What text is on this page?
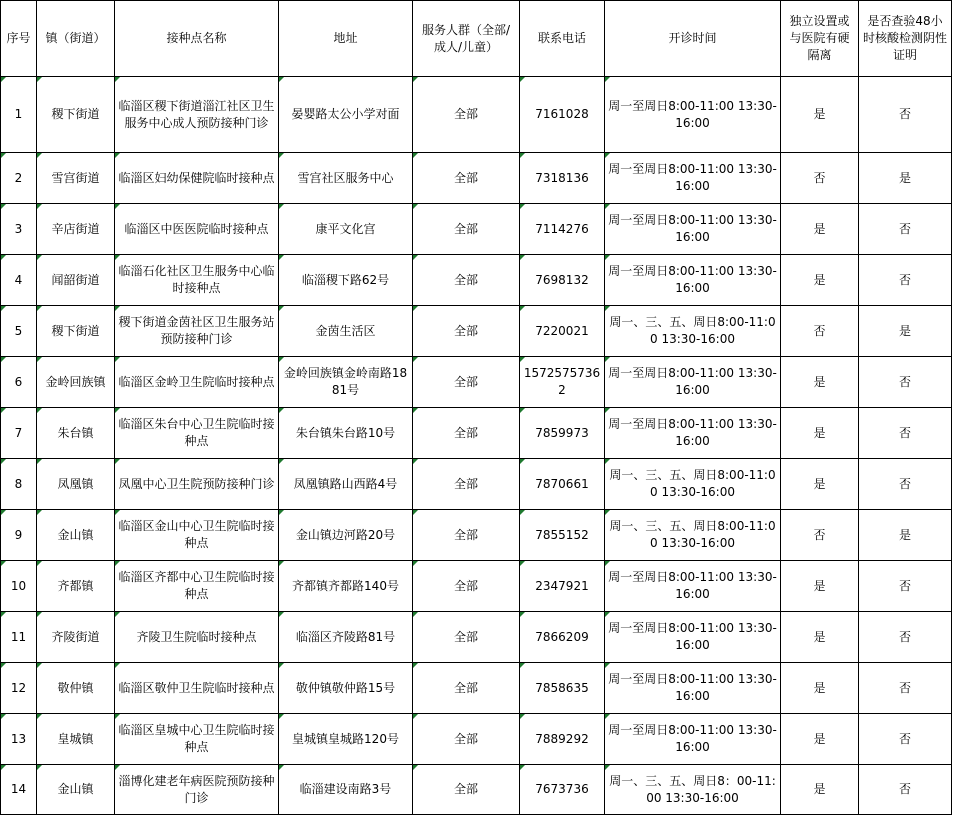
序号	镇（街道）	接种点名称	地址	服务人群（全部/成人/儿童）	联系电话	开诊时间	独立设置或与医院有硬隔离	是否查验48小时核酸检测阴性证明
1	稷下街道	临淄区稷下街道淄江社区卫生服务中心成人预防接种门诊	晏婴路太公小学对面	全部	7161028	周一至周日8:00-11:00 13:30-16:00	是	否
2	雪宫街道	临淄区妇幼保健院临时接种点	雪宫社区服务中心	全部	7318136	周一至周日8:00-11:00 13:30-16:00	否	是
3	辛店街道	临淄区中医医院临时接种点	康平文化宫	全部	7114276	周一至周日8:00-11:00 13:30-16:00	是	否
4	闻韶街道	临淄石化社区卫生服务中心临时接种点	临淄稷下路62号	全部	7698132	周一至周日8:00-11:00 13:30-16:00	是	否
5	稷下街道	稷下街道金茵社区卫生服务站预防接种门诊	金茵生活区	全部	7220021	周一、三、五、周日8:00-11:00 13:30-16:00	否	是
6	金岭回族镇	临淄区金岭卫生院临时接种点	金岭回族镇金岭南路1881号	全部	15725757362	周一至周日8:00-11:00 13:30-16:00	是	否
7	朱台镇	临淄区朱台中心卫生院临时接种点	朱台镇朱台路10号	全部	7859973	周一至周日8:00-11:00 13:30-16:00	是	否
8	凤凰镇	凤凰中心卫生院预防接种门诊	凤凰镇路山西路4号	全部	7870661	周一、三、五、周日8:00-11:00 13:30-16:00	是	否
9	金山镇	临淄区金山中心卫生院临时接种点	金山镇边河路20号	全部	7855152	周一、三、五、周日8:00-11:00 13:30-16:00	否	是
10	齐都镇	临淄区齐都中心卫生院临时接种点	齐都镇齐都路140号	全部	2347921	周一至周日8:00-11:00 13:30-16:00	是	否
11	齐陵街道	齐陵卫生院临时接种点	临淄区齐陵路81号	全部	7866209	周一至周日8:00-11:00 13:30-16:00	是	否
12	敬仲镇	临淄区敬仲卫生院临时接种点	敬仲镇敬仲路15号	全部	7858635	周一至周日8:00-11:00 13:30-16:00	是	否
13	皇城镇	临淄区皇城中心卫生院临时接种点	皇城镇皇城路120号	全部	7889292	周一至周日8:00-11:00 13:30-16:00	是	否
14	金山镇	淄博化建老年病医院预防接种门诊	临淄建设南路3号	全部	7673736	周一、三、五、周日8：00-11:00 13:30-16:00	是	否
